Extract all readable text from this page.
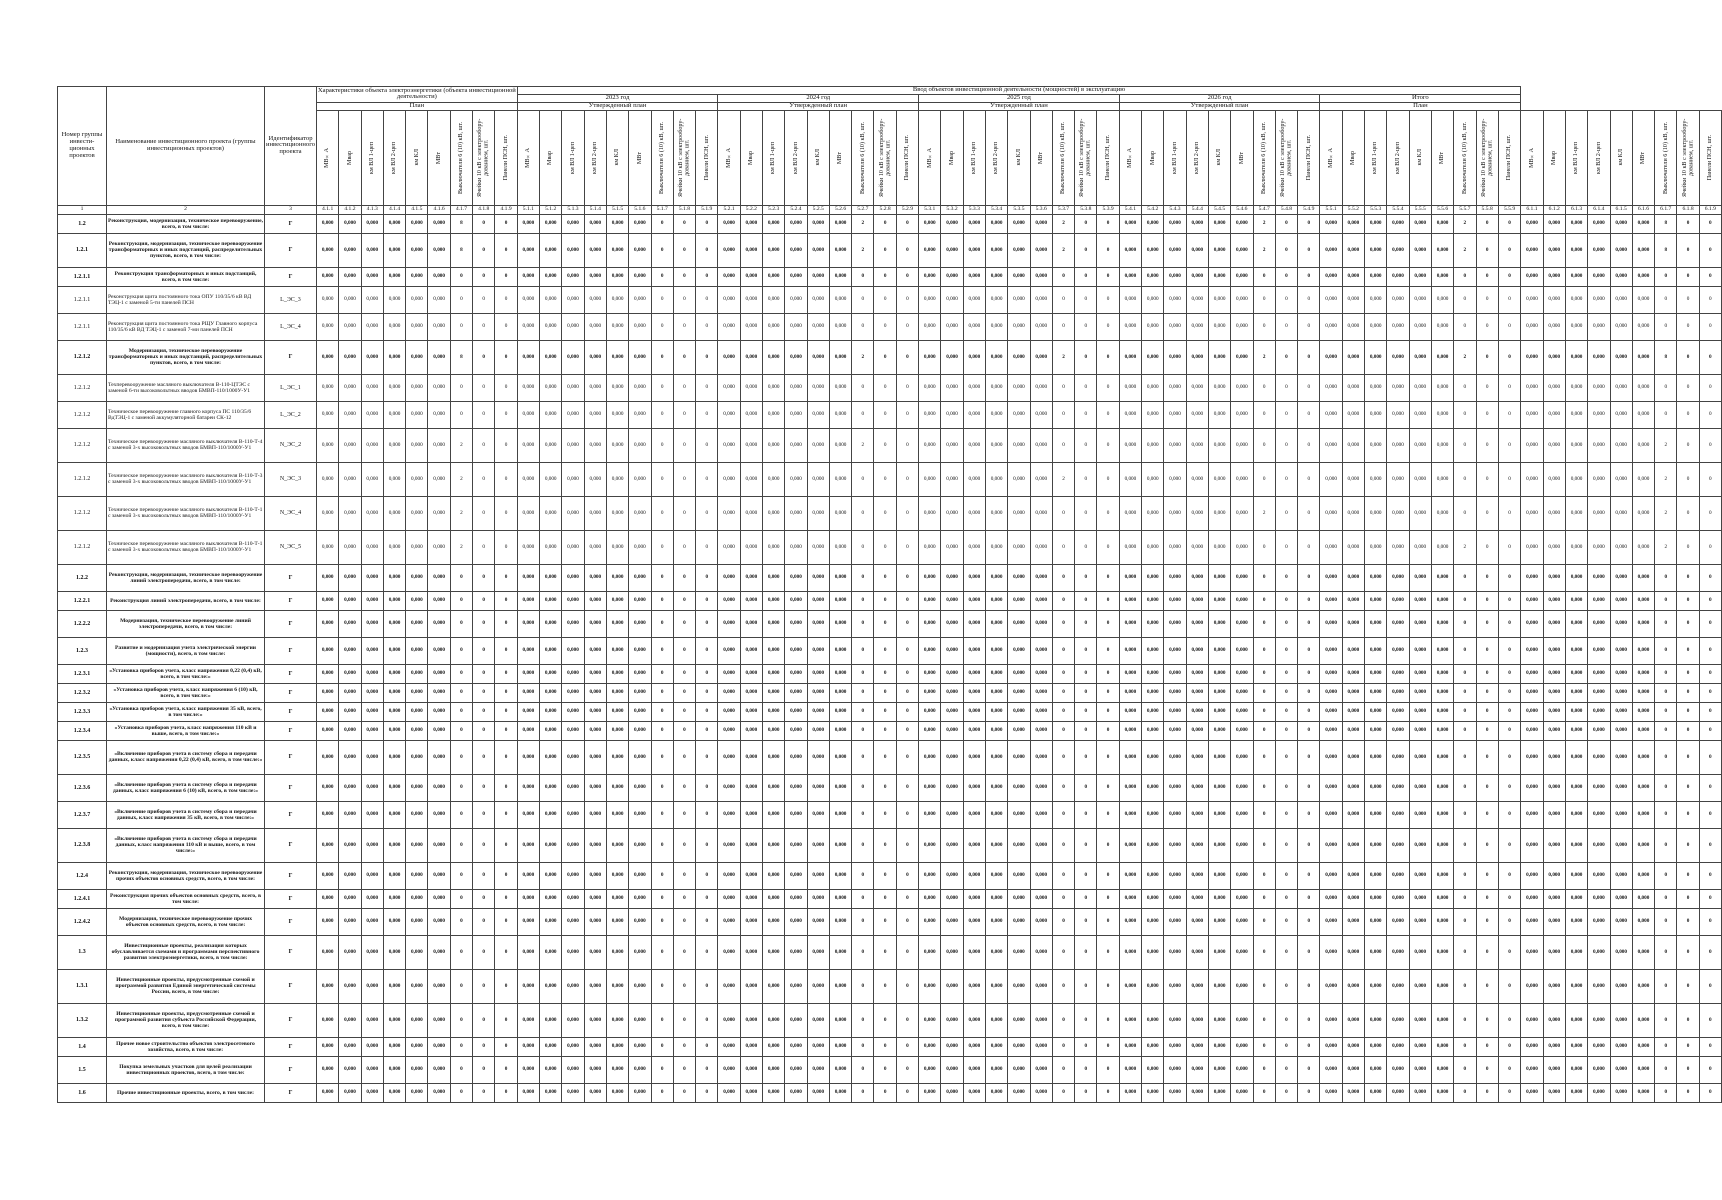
Номер группы инвести-ционных проектов	Наименование инвестиционного проекта (группы инвестиционных проектов)	Идентификатор инвестиционного проекта	Характеристики объекта электроэнергетики (объекта инвестиционной деятельности)	Ввод объектов инвестиционной деятельности (мощностей) в эксплуатацию
2023 год	2024 год	2025 год	2026 год	Итого
План	Утвержденный план	Утвержденный план	Утвержденный план	Утвержденный план	План

МВ×А	Мвар	км ВЛ 1-цеп	км ВЛ 2-цеп	км КЛ	МВт	Выключатели 6 (10) кВ, шт.	Ячейки 10 кВ с электрообору-дованием, шт.	Панели ПСН, шт.	МВ×А	Мвар	км ВЛ 1-цеп	км ВЛ 2-цеп	км КЛ	МВт	Выключатели 6 (10) кВ, шт.	Ячейки 10 кВ с электрообору-дованием, шт.	Панели ПСН, шт.	МВ×А	Мвар	км ВЛ 1-цеп	км ВЛ 2-цеп	км КЛ	МВт	Выключатели 6 (10) кВ, шт.	Ячейки 10 кВ с электрообору-дованием, шт.	Панели ПСН, шт.	МВ×А	Мвар	км ВЛ 1-цеп	км ВЛ 2-цеп	км КЛ	МВт	Выключатели 6 (10) кВ, шт.	Ячейки 10 кВ с электрообору-дованием, шт.	Панели ПСН, шт.	МВ×А	Мвар	км ВЛ 1-цеп	км ВЛ 2-цеп	км КЛ	МВт	Выключатели 6 (10) кВ, шт.	Ячейки 10 кВ с электрообору-дованием, шт.	Панели ПСН, шт.	МВ×А	Мвар	км ВЛ 1-цеп	км ВЛ 2-цеп	км КЛ	МВт	Выключатели 6 (10) кВ, шт.	Ячейки 10 кВ с электрообору-дованием, шт.	Панели ПСН, шт.	МВ×А	Мвар	км ВЛ 1-цеп	км ВЛ 2-цеп	км КЛ	МВт	Выключатели 6 (10) кВ, шт.	Ячейки 10 кВ с электрообору-дованием, шт.	Панели ПСН, шт.

1	2	3	4.1.1	4.1.2	4.1.3	4.1.4	4.1.5	4.1.6	4.1.7	4.1.8	4.1.9	5.1.1	5.1.2	5.1.3	5.1.4	5.1.5	5.1.6	5.1.7	5.1.8	5.1.9	5.2.1	5.2.2	5.2.3	5.2.4	5.2.5	5.2.6	5.2.7	5.2.8	5.2.9	5.3.1	5.3.2	5.3.3	5.3.4	5.3.5	5.3.6	5.3.7	5.3.8	5.3.9	5.4.1	5.4.2	5.4.3	5.4.4	5.4.5	5.4.6	5.4.7	5.4.8	5.4.9	5.5.1	5.5.2	5.5.3	5.5.4	5.5.5	5.5.6	5.5.7	5.5.8	5.5.9	6.1.1	6.1.2	6.1.3	6.1.4	6.1.5	6.1.6	6.1.7	6.1.8	6.1.9
1.2	Реконструкция, модернизация, техническое перевооружение, всего, в том числе:	Г	0,000	0,000	0,000	0,000	0,000	0,000	8	0	0	0,000	0,000	0,000	0,000	0,000	0,000	0	0	0	0,000	0,000	0,000	0,000	0,000	0,000	2	0	0	0,000	0,000	0,000	0,000	0,000	0,000	2	0	0	0,000	0,000	0,000	0,000	0,000	0,000	2	0	0	0,000	0,000	0,000	0,000	0,000	0,000	2	0	0	0,000	0,000	0,000	0,000	0,000	0,000	8	0	0
1.2.1	Реконструкция, модернизация, техническое перевооружение трансформаторных и иных подстанций, распределительных пунктов, всего, в том числе:	Г	0,000	0,000	0,000	0,000	0,000	0,000	8	0	0	0,000	0,000	0,000	0,000	0,000	0,000	0	0	0	0,000	0,000	0,000	0,000	0,000	0,000	2	0	0	0,000	0,000	0,000	0,000	0,000	0,000	2	0	0	0,000	0,000	0,000	0,000	0,000	0,000	2	0	0	0,000	0,000	0,000	0,000	0,000	0,000	2	0	0	0,000	0,000	0,000	0,000	0,000	0,000	8	0	0
1.2.1.1	Реконструкция трансформаторных и иных подстанций, всего, в том числе:	Г	0,000	0,000	0,000	0,000	0,000	0,000	0	0	0	0,000	0,000	0,000	0,000	0,000	0,000	0	0	0	0,000	0,000	0,000	0,000	0,000	0,000	0	0	0	0,000	0,000	0,000	0,000	0,000	0,000	0	0	0	0,000	0,000	0,000	0,000	0,000	0,000	0	0	0	0,000	0,000	0,000	0,000	0,000	0,000	0	0	0	0,000	0,000	0,000	0,000	0,000	0,000	0	0	0
1.2.1.1	Реконструкция щита постоянного тока ОПУ 110/35/6 кВ ВД ТЭЦ-1 с заменой 5-ти панелей ПСН	L_ЭС_3	0,000	0,000	0,000	0,000	0,000	0,000	0	0	0	0,000	0,000	0,000	0,000	0,000	0,000	0	0	0	0,000	0,000	0,000	0,000	0,000	0,000	0	0	0	0,000	0,000	0,000	0,000	0,000	0,000	0	0	0	0,000	0,000	0,000	0,000	0,000	0,000	0	0	0	0,000	0,000	0,000	0,000	0,000	0,000	0	0	0	0,000	0,000	0,000	0,000	0,000	0,000	0	0	0
1.2.1.1	Реконструкция щита постоянного тока РЩУ Главного корпуса 110/35/6 кВ ВД ТЭЦ-1 с заменой 7-ми панелей ПСН	L_ЭС_4	0,000	0,000	0,000	0,000	0,000	0,000	0	0	0	0,000	0,000	0,000	0,000	0,000	0,000	0	0	0	0,000	0,000	0,000	0,000	0,000	0,000	0	0	0	0,000	0,000	0,000	0,000	0,000	0,000	0	0	0	0,000	0,000	0,000	0,000	0,000	0,000	0	0	0	0,000	0,000	0,000	0,000	0,000	0,000	0	0	0	0,000	0,000	0,000	0,000	0,000	0,000	0	0	0
1.2.1.2	Модернизация, техническое перевооружение трансформаторных и иных подстанций, распределительных пунктов, всего, в том числе:	Г	0,000	0,000	0,000	0,000	0,000	0,000	8	0	0	0,000	0,000	0,000	0,000	0,000	0,000	0	0	0	0,000	0,000	0,000	0,000	0,000	0,000	2	0	0	0,000	0,000	0,000	0,000	0,000	0,000	2	0	0	0,000	0,000	0,000	0,000	0,000	0,000	2	0	0	0,000	0,000	0,000	0,000	0,000	0,000	2	0	0	0,000	0,000	0,000	0,000	0,000	0,000	8	0	0
1.2.1.2	Техперевооружение масляного выключателя В-110-ЦТЭС с заменой 6-ти высоковольтных вводов БМВП-110/1000У-У1	L_ЭС_1	0,000	0,000	0,000	0,000	0,000	0,000	0	0	0	0,000	0,000	0,000	0,000	0,000	0,000	0	0	0	0,000	0,000	0,000	0,000	0,000	0,000	0	0	0	0,000	0,000	0,000	0,000	0,000	0,000	0	0	0	0,000	0,000	0,000	0,000	0,000	0,000	0	0	0	0,000	0,000	0,000	0,000	0,000	0,000	0	0	0	0,000	0,000	0,000	0,000	0,000	0,000	0	0	0
1.2.1.2	Техническое перевооружение главного корпуса ПС 110/35/6 ВдТЭЦ-1 с заменой аккумуляторной батареи СК-12	L_ЭС_2	0,000	0,000	0,000	0,000	0,000	0,000	0	0	0	0,000	0,000	0,000	0,000	0,000	0,000	0	0	0	0,000	0,000	0,000	0,000	0,000	0,000	0	0	0	0,000	0,000	0,000	0,000	0,000	0,000	0	0	0	0,000	0,000	0,000	0,000	0,000	0,000	0	0	0	0,000	0,000	0,000	0,000	0,000	0,000	0	0	0	0,000	0,000	0,000	0,000	0,000	0,000	0	0	0
1.2.1.2	Техническое перевооружение масляного выключателя В-110-Т-4 с заменой 3-х высоковольтных вводов БМВП-110/1000У-У1	N_ЭС_2	0,000	0,000	0,000	0,000	0,000	0,000	2	0	0	0,000	0,000	0,000	0,000	0,000	0,000	0	0	0	0,000	0,000	0,000	0,000	0,000	0,000	2	0	0	0,000	0,000	0,000	0,000	0,000	0,000	0	0	0	0,000	0,000	0,000	0,000	0,000	0,000	0	0	0	0,000	0,000	0,000	0,000	0,000	0,000	0	0	0	0,000	0,000	0,000	0,000	0,000	0,000	2	0	0
1.2.1.2	Техническое перевооружение масляного выключателя В-110-Т-3 с заменой 3-х высоковольтных вводов БМВП-110/1000У-У1	N_ЭС_3	0,000	0,000	0,000	0,000	0,000	0,000	2	0	0	0,000	0,000	0,000	0,000	0,000	0,000	0	0	0	0,000	0,000	0,000	0,000	0,000	0,000	0	0	0	0,000	0,000	0,000	0,000	0,000	0,000	2	0	0	0,000	0,000	0,000	0,000	0,000	0,000	0	0	0	0,000	0,000	0,000	0,000	0,000	0,000	0	0	0	0,000	0,000	0,000	0,000	0,000	0,000	2	0	0
1.2.1.2	Техническое перевооружение масляного выключателя В-110-Т-1 с заменой 3-х высоковольтных вводов БМВП-110/1000У-У1	N_ЭС_4	0,000	0,000	0,000	0,000	0,000	0,000	2	0	0	0,000	0,000	0,000	0,000	0,000	0,000	0	0	0	0,000	0,000	0,000	0,000	0,000	0,000	0	0	0	0,000	0,000	0,000	0,000	0,000	0,000	0	0	0	0,000	0,000	0,000	0,000	0,000	0,000	2	0	0	0,000	0,000	0,000	0,000	0,000	0,000	0	0	0	0,000	0,000	0,000	0,000	0,000	0,000	2	0	0
1.2.1.2	Техническое перевооружение масляного выключателя В-110-Т-1 с заменой 3-х высоковольтных вводов БМВП-110/1000У-У1	N_ЭС_5	0,000	0,000	0,000	0,000	0,000	0,000	2	0	0	0,000	0,000	0,000	0,000	0,000	0,000	0	0	0	0,000	0,000	0,000	0,000	0,000	0,000	0	0	0	0,000	0,000	0,000	0,000	0,000	0,000	0	0	0	0,000	0,000	0,000	0,000	0,000	0,000	0	0	0	0,000	0,000	0,000	0,000	0,000	0,000	2	0	0	0,000	0,000	0,000	0,000	0,000	0,000	2	0	0
1.2.2	Реконструкция, модернизация, техническое перевооружение линий электропередачи, всего, в том числе:	Г	0,000	0,000	0,000	0,000	0,000	0,000	0	0	0	0,000	0,000	0,000	0,000	0,000	0,000	0	0	0	0,000	0,000	0,000	0,000	0,000	0,000	0	0	0	0,000	0,000	0,000	0,000	0,000	0,000	0	0	0	0,000	0,000	0,000	0,000	0,000	0,000	0	0	0	0,000	0,000	0,000	0,000	0,000	0,000	0	0	0	0,000	0,000	0,000	0,000	0,000	0,000	0	0	0
1.2.2.1	Реконструкция линий электропередачи, всего, в том числе:	Г	0,000	0,000	0,000	0,000	0,000	0,000	0	0	0	0,000	0,000	0,000	0,000	0,000	0,000	0	0	0	0,000	0,000	0,000	0,000	0,000	0,000	0	0	0	0,000	0,000	0,000	0,000	0,000	0,000	0	0	0	0,000	0,000	0,000	0,000	0,000	0,000	0	0	0	0,000	0,000	0,000	0,000	0,000	0,000	0	0	0	0,000	0,000	0,000	0,000	0,000	0,000	0	0	0
1.2.2.2	Модернизация, техническое перевооружение линий электропередачи, всего, в том числе:	Г	0,000	0,000	0,000	0,000	0,000	0,000	0	0	0	0,000	0,000	0,000	0,000	0,000	0,000	0	0	0	0,000	0,000	0,000	0,000	0,000	0,000	0	0	0	0,000	0,000	0,000	0,000	0,000	0,000	0	0	0	0,000	0,000	0,000	0,000	0,000	0,000	0	0	0	0,000	0,000	0,000	0,000	0,000	0,000	0	0	0	0,000	0,000	0,000	0,000	0,000	0,000	0	0	0
1.2.3	Развитие и модернизация учета электрической энергии (мощности), всего, в том числе:	Г	0,000	0,000	0,000	0,000	0,000	0,000	0	0	0	0,000	0,000	0,000	0,000	0,000	0,000	0	0	0	0,000	0,000	0,000	0,000	0,000	0,000	0	0	0	0,000	0,000	0,000	0,000	0,000	0,000	0	0	0	0,000	0,000	0,000	0,000	0,000	0,000	0	0	0	0,000	0,000	0,000	0,000	0,000	0,000	0	0	0	0,000	0,000	0,000	0,000	0,000	0,000	0	0	0
1.2.3.1	«Установка приборов учета, класс напряжения 0,22 (0,4) кВ, всего, в том числе:»	Г	0,000	0,000	0,000	0,000	0,000	0,000	0	0	0	0,000	0,000	0,000	0,000	0,000	0,000	0	0	0	0,000	0,000	0,000	0,000	0,000	0,000	0	0	0	0,000	0,000	0,000	0,000	0,000	0,000	0	0	0	0,000	0,000	0,000	0,000	0,000	0,000	0	0	0	0,000	0,000	0,000	0,000	0,000	0,000	0	0	0	0,000	0,000	0,000	0,000	0,000	0,000	0	0	0
1.2.3.2	«Установка приборов учета, класс напряжения 6 (10) кВ, всего, в том числе:»	Г	0,000	0,000	0,000	0,000	0,000	0,000	0	0	0	0,000	0,000	0,000	0,000	0,000	0,000	0	0	0	0,000	0,000	0,000	0,000	0,000	0,000	0	0	0	0,000	0,000	0,000	0,000	0,000	0,000	0	0	0	0,000	0,000	0,000	0,000	0,000	0,000	0	0	0	0,000	0,000	0,000	0,000	0,000	0,000	0	0	0	0,000	0,000	0,000	0,000	0,000	0,000	0	0	0
1.2.3.3	«Установка приборов учета, класс напряжения 35 кВ, всего, в том числе:»	Г	0,000	0,000	0,000	0,000	0,000	0,000	0	0	0	0,000	0,000	0,000	0,000	0,000	0,000	0	0	0	0,000	0,000	0,000	0,000	0,000	0,000	0	0	0	0,000	0,000	0,000	0,000	0,000	0,000	0	0	0	0,000	0,000	0,000	0,000	0,000	0,000	0	0	0	0,000	0,000	0,000	0,000	0,000	0,000	0	0	0	0,000	0,000	0,000	0,000	0,000	0,000	0	0	0
1.2.3.4	«Установка приборов учета, класс напряжения 110 кВ и выше, всего, в том числе:»	Г	0,000	0,000	0,000	0,000	0,000	0,000	0	0	0	0,000	0,000	0,000	0,000	0,000	0,000	0	0	0	0,000	0,000	0,000	0,000	0,000	0,000	0	0	0	0,000	0,000	0,000	0,000	0,000	0,000	0	0	0	0,000	0,000	0,000	0,000	0,000	0,000	0	0	0	0,000	0,000	0,000	0,000	0,000	0,000	0	0	0	0,000	0,000	0,000	0,000	0,000	0,000	0	0	0
1.2.3.5	«Включение приборов учета в систему сбора и передачи данных, класс напряжения 0,22 (0,4) кВ, всего, в том числе:»	Г	0,000	0,000	0,000	0,000	0,000	0,000	0	0	0	0,000	0,000	0,000	0,000	0,000	0,000	0	0	0	0,000	0,000	0,000	0,000	0,000	0,000	0	0	0	0,000	0,000	0,000	0,000	0,000	0,000	0	0	0	0,000	0,000	0,000	0,000	0,000	0,000	0	0	0	0,000	0,000	0,000	0,000	0,000	0,000	0	0	0	0,000	0,000	0,000	0,000	0,000	0,000	0	0	0
1.2.3.6	«Включение приборов учета в систему сбора и передачи данных, класс напряжения 6 (10) кВ, всего, в том числе:»	Г	0,000	0,000	0,000	0,000	0,000	0,000	0	0	0	0,000	0,000	0,000	0,000	0,000	0,000	0	0	0	0,000	0,000	0,000	0,000	0,000	0,000	0	0	0	0,000	0,000	0,000	0,000	0,000	0,000	0	0	0	0,000	0,000	0,000	0,000	0,000	0,000	0	0	0	0,000	0,000	0,000	0,000	0,000	0,000	0	0	0	0,000	0,000	0,000	0,000	0,000	0,000	0	0	0
1.2.3.7	«Включение приборов учета в систему сбора и передачи данных, класс напряжения 35 кВ, всего, в том числе:»	Г	0,000	0,000	0,000	0,000	0,000	0,000	0	0	0	0,000	0,000	0,000	0,000	0,000	0,000	0	0	0	0,000	0,000	0,000	0,000	0,000	0,000	0	0	0	0,000	0,000	0,000	0,000	0,000	0,000	0	0	0	0,000	0,000	0,000	0,000	0,000	0,000	0	0	0	0,000	0,000	0,000	0,000	0,000	0,000	0	0	0	0,000	0,000	0,000	0,000	0,000	0,000	0	0	0
1.2.3.8	«Включение приборов учета в систему сбора и передачи данных, класс напряжения 110 кВ и выше, всего, в том числе:»	Г	0,000	0,000	0,000	0,000	0,000	0,000	0	0	0	0,000	0,000	0,000	0,000	0,000	0,000	0	0	0	0,000	0,000	0,000	0,000	0,000	0,000	0	0	0	0,000	0,000	0,000	0,000	0,000	0,000	0	0	0	0,000	0,000	0,000	0,000	0,000	0,000	0	0	0	0,000	0,000	0,000	0,000	0,000	0,000	0	0	0	0,000	0,000	0,000	0,000	0,000	0,000	0	0	0
1.2.4	Реконструкция, модернизация, техническое перевооружение прочих объектов основных средств, всего, в том числе:	Г	0,000	0,000	0,000	0,000	0,000	0,000	0	0	0	0,000	0,000	0,000	0,000	0,000	0,000	0	0	0	0,000	0,000	0,000	0,000	0,000	0,000	0	0	0	0,000	0,000	0,000	0,000	0,000	0,000	0	0	0	0,000	0,000	0,000	0,000	0,000	0,000	0	0	0	0,000	0,000	0,000	0,000	0,000	0,000	0	0	0	0,000	0,000	0,000	0,000	0,000	0,000	0	0	0
1.2.4.1	Реконструкция прочих объектов основных средств, всего, в том числе:	Г	0,000	0,000	0,000	0,000	0,000	0,000	0	0	0	0,000	0,000	0,000	0,000	0,000	0,000	0	0	0	0,000	0,000	0,000	0,000	0,000	0,000	0	0	0	0,000	0,000	0,000	0,000	0,000	0,000	0	0	0	0,000	0,000	0,000	0,000	0,000	0,000	0	0	0	0,000	0,000	0,000	0,000	0,000	0,000	0	0	0	0,000	0,000	0,000	0,000	0,000	0,000	0	0	0
1.2.4.2	Модернизация, техническое перевооружение прочих объектов основных средств, всего, в том числе:	Г	0,000	0,000	0,000	0,000	0,000	0,000	0	0	0	0,000	0,000	0,000	0,000	0,000	0,000	0	0	0	0,000	0,000	0,000	0,000	0,000	0,000	0	0	0	0,000	0,000	0,000	0,000	0,000	0,000	0	0	0	0,000	0,000	0,000	0,000	0,000	0,000	0	0	0	0,000	0,000	0,000	0,000	0,000	0,000	0	0	0	0,000	0,000	0,000	0,000	0,000	0,000	0	0	0
1.3	Инвестиционные проекты, реализация которых обуславливается схемами и программами перспективного развития электроэнергетики, всего, в том числе:	Г	0,000	0,000	0,000	0,000	0,000	0,000	0	0	0	0,000	0,000	0,000	0,000	0,000	0,000	0	0	0	0,000	0,000	0,000	0,000	0,000	0,000	0	0	0	0,000	0,000	0,000	0,000	0,000	0,000	0	0	0	0,000	0,000	0,000	0,000	0,000	0,000	0	0	0	0,000	0,000	0,000	0,000	0,000	0,000	0	0	0	0,000	0,000	0,000	0,000	0,000	0,000	0	0	0
1.3.1	Инвестиционные проекты, предусмотренные схемой и программой развития Единой энергетической системы России, всего, в том числе:	Г	0,000	0,000	0,000	0,000	0,000	0,000	0	0	0	0,000	0,000	0,000	0,000	0,000	0,000	0	0	0	0,000	0,000	0,000	0,000	0,000	0,000	0	0	0	0,000	0,000	0,000	0,000	0,000	0,000	0	0	0	0,000	0,000	0,000	0,000	0,000	0,000	0	0	0	0,000	0,000	0,000	0,000	0,000	0,000	0	0	0	0,000	0,000	0,000	0,000	0,000	0,000	0	0	0
1.3.2	Инвестиционные проекты, предусмотренные схемой и программой развития субъекта Российской Федерации, всего, в том числе:	Г	0,000	0,000	0,000	0,000	0,000	0,000	0	0	0	0,000	0,000	0,000	0,000	0,000	0,000	0	0	0	0,000	0,000	0,000	0,000	0,000	0,000	0	0	0	0,000	0,000	0,000	0,000	0,000	0,000	0	0	0	0,000	0,000	0,000	0,000	0,000	0,000	0	0	0	0,000	0,000	0,000	0,000	0,000	0,000	0	0	0	0,000	0,000	0,000	0,000	0,000	0,000	0	0	0
1.4	Прочее новое строительство объектов электросетевого хозяйства, всего, в том числе:	Г	0,000	0,000	0,000	0,000	0,000	0,000	0	0	0	0,000	0,000	0,000	0,000	0,000	0,000	0	0	0	0,000	0,000	0,000	0,000	0,000	0,000	0	0	0	0,000	0,000	0,000	0,000	0,000	0,000	0	0	0	0,000	0,000	0,000	0,000	0,000	0,000	0	0	0	0,000	0,000	0,000	0,000	0,000	0,000	0	0	0	0,000	0,000	0,000	0,000	0,000	0,000	0	0	0
1.5	Покупка земельных участков для целей реализации инвестиционных проектов, всего, в том числе:	Г	0,000	0,000	0,000	0,000	0,000	0,000	0	0	0	0,000	0,000	0,000	0,000	0,000	0,000	0	0	0	0,000	0,000	0,000	0,000	0,000	0,000	0	0	0	0,000	0,000	0,000	0,000	0,000	0,000	0	0	0	0,000	0,000	0,000	0,000	0,000	0,000	0	0	0	0,000	0,000	0,000	0,000	0,000	0,000	0	0	0	0,000	0,000	0,000	0,000	0,000	0,000	0	0	0
1.6	Прочие инвестиционные проекты, всего, в том числе:	Г	0,000	0,000	0,000	0,000	0,000	0,000	0	0	0	0,000	0,000	0,000	0,000	0,000	0,000	0	0	0	0,000	0,000	0,000	0,000	0,000	0,000	0	0	0	0,000	0,000	0,000	0,000	0,000	0,000	0	0	0	0,000	0,000	0,000	0,000	0,000	0,000	0	0	0	0,000	0,000	0,000	0,000	0,000	0,000	0	0	0	0,000	0,000	0,000	0,000	0,000	0,000	0	0	0
